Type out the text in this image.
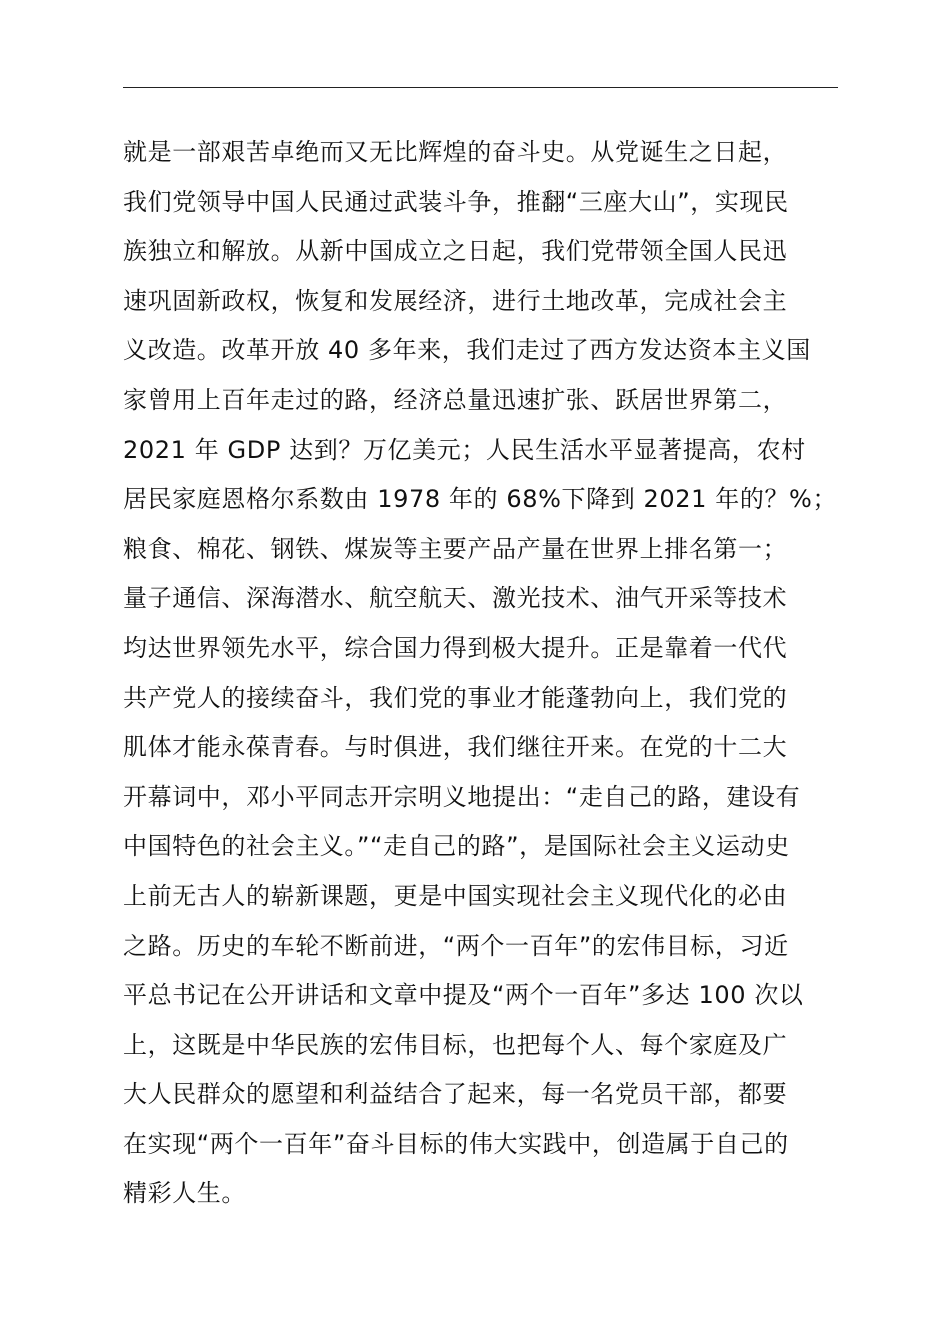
就是一部艰苦卓绝而又无比辉煌的奋斗史。从党诞生之日起，
我们党领导中国人民通过武装斗争，推翻“三座大山”，实现民
族独立和解放。从新中国成立之日起，我们党带领全国人民迅
速巩固新政权，恢复和发展经济，进行土地改革，完成社会主
义改造。改革开放 40 多年来，我们走过了西方发达资本主义国
家曾用上百年走过的路，经济总量迅速扩张、跃居世界第二，
2021 年 GDP 达到？万亿美元；人民生活水平显著提高，农村
居民家庭恩格尔系数由 1978 年的 68%下降到 2021 年的？%；
粮食、棉花、钢铁、煤炭等主要产品产量在世界上排名第一；
量子通信、深海潜水、航空航天、激光技术、油气开采等技术
均达世界领先水平，综合国力得到极大提升。正是靠着一代代
共产党人的接续奋斗，我们党的事业才能蓬勃向上，我们党的
肌体才能永葆青春。与时俱进，我们继往开来。在党的十二大
开幕词中，邓小平同志开宗明义地提出：“走自己的路，建设有
中国特色的社会主义。”“走自己的路”，是国际社会主义运动史
上前无古人的崭新课题，更是中国实现社会主义现代化的必由
之路。历史的车轮不断前进，“两个一百年”的宏伟目标，习近
平总书记在公开讲话和文章中提及“两个一百年”多达 100 次以
上，这既是中华民族的宏伟目标，也把每个人、每个家庭及广
大人民群众的愿望和利益结合了起来，每一名党员干部，都要
在实现“两个一百年”奋斗目标的伟大实践中，创造属于自己的
精彩人生。
